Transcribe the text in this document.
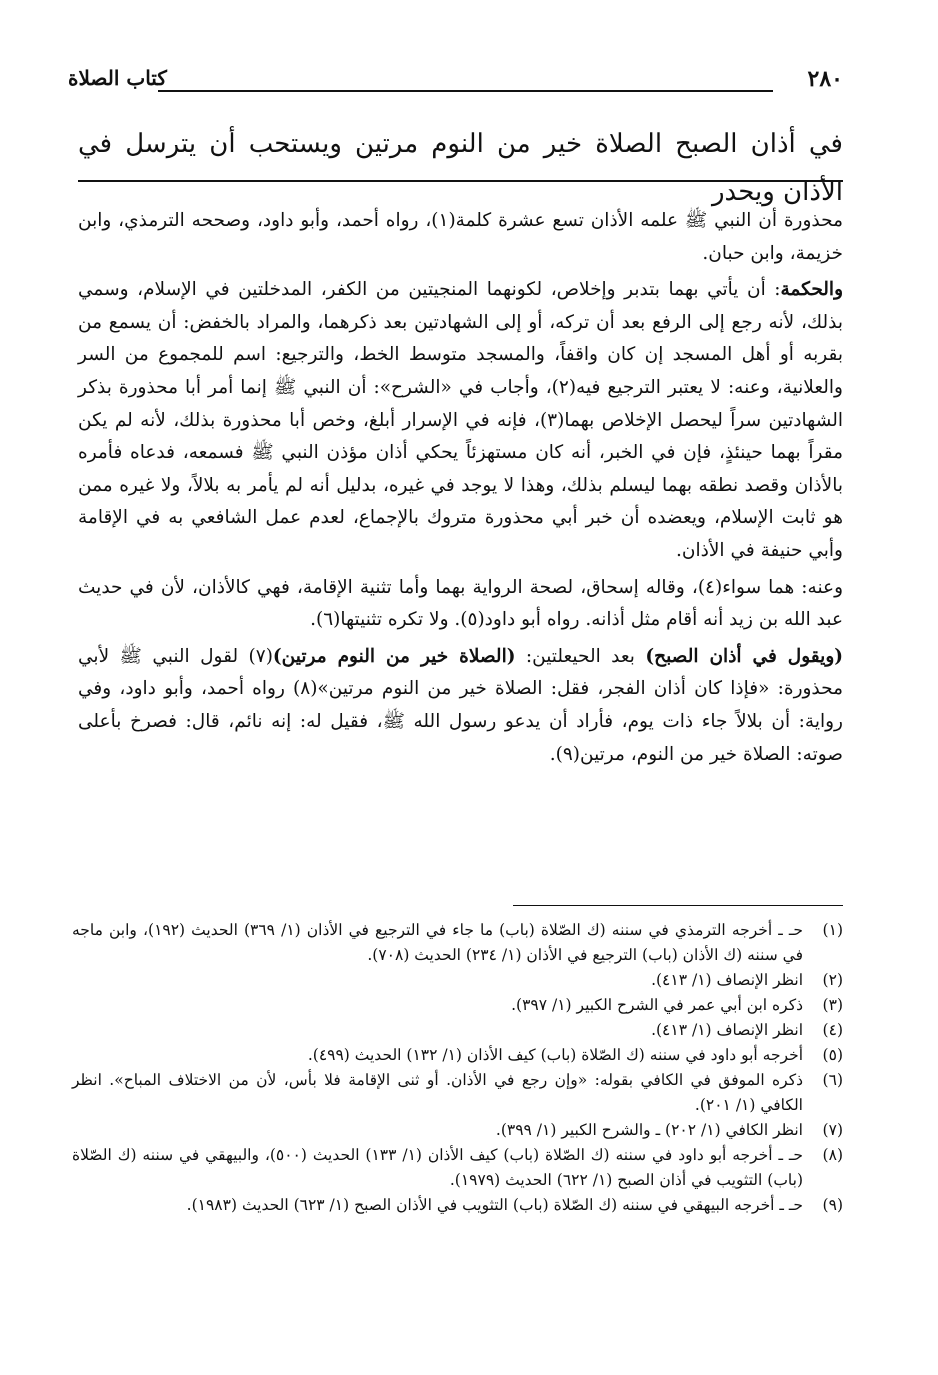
٢٨٠
كتاب الصلاة
في أذان الصبح الصلاة خير من النوم مرتين ويستحب أن يترسل في الأذان ويحدر

محذورة أن النبي ﷺ علمه الأذان تسع عشرة كلمة(١)، رواه أحمد، وأبو داود، وصححه الترمذي، وابن خزيمة، وابن حبان.

والحكمة: أن يأتي بهما بتدبر وإخلاص، لكونهما المنجيتين من الكفر، المدخلتين في الإسلام، وسمي بذلك، لأنه رجع إلى الرفع بعد أن تركه، أو إلى الشهادتين بعد ذكرهما، والمراد بالخفض: أن يسمع من بقربه أو أهل المسجد إن كان واقفاً، والمسجد متوسط الخط، والترجيع: اسم للمجموع من السر والعلانية، وعنه: لا يعتبر الترجيع فيه(٢)، وأجاب في «الشرح»: أن النبي ﷺ إنما أمر أبا محذورة بذكر الشهادتين سراً ليحصل الإخلاص بهما(٣)، فإنه في الإسرار أبلغ، وخص أبا محذورة بذلك، لأنه لم يكن مقراً بهما حينئذٍ، فإن في الخبر، أنه كان مستهزئاً يحكي أذان مؤذن النبي ﷺ فسمعه، فدعاه فأمره بالأذان وقصد نطقه بهما ليسلم بذلك، وهذا لا يوجد في غيره، بدليل أنه لم يأمر به بلالاً، ولا غيره ممن هو ثابت الإسلام، ويعضده أن خبر أبي محذورة متروك بالإجماع، لعدم عمل الشافعي به في الإقامة وأبي حنيفة في الأذان.

وعنه: هما سواء(٤)، وقاله إسحاق، لصحة الرواية بهما وأما تثنية الإقامة، فهي كالأذان، لأن في حديث عبد الله بن زيد أنه أقام مثل أذانه. رواه أبو داود(٥). ولا تكره تثنيتها(٦).

(ويقول في أذان الصبح) بعد الحيعلتين: (الصلاة خير من النوم مرتين)(٧) لقول النبي ﷺ لأبي محذورة: «فإذا كان أذان الفجر، فقل: الصلاة خير من النوم مرتين»(٨) رواه أحمد، وأبو داود، وفي رواية: أن بلالاً جاء ذات يوم، فأراد أن يدعو رسول الله ﷺ، فقيل له: إنه نائم، قال: فصرخ بأعلى صوته: الصلاة خير من النوم، مرتين(٩).

(١)
حـ ـ أخرجه الترمذي في سننه (ك الصّلاة (باب) ما جاء في الترجيع في الأذان (١/ ٣٦٩) الحديث (١٩٢)، وابن ماجه في سننه (ك الأذان (باب) الترجيع في الأذان (١/ ٢٣٤) الحديث (٧٠٨).
(٢)
انظر الإنصاف (١/ ٤١٣).
(٣)
ذكره ابن أبي عمر في الشرح الكبير (١/ ٣٩٧).
(٤)
انظر الإنصاف (١/ ٤١٣).
(٥)
أخرجه أبو داود في سننه (ك الصّلاة (باب) كيف الأذان (١/ ١٣٢) الحديث (٤٩٩).
(٦)
ذكره الموفق في الكافي بقوله: «وإن رجع في الأذان. أو ثنى الإقامة فلا بأس، لأن من الاختلاف المباح». انظر الكافي (١/ ٢٠١).
(٧)
انظر الكافي (١/ ٢٠٢) ـ والشرح الكبير (١/ ٣٩٩).
(٨)
حـ ـ أخرجه أبو داود في سننه (ك الصّلاة (باب) كيف الأذان (١/ ١٣٣) الحديث (٥٠٠)، والبيهقي في سننه (ك الصّلاة (باب) التثويب في أذان الصبح (١/ ٦٢٢) الحديث (١٩٧٩).
(٩)
حـ ـ أخرجه البيهقي في سننه (ك الصّلاة (باب) التثويب في الأذان الصبح (١/ ٦٢٣) الحديث (١٩٨٣).
